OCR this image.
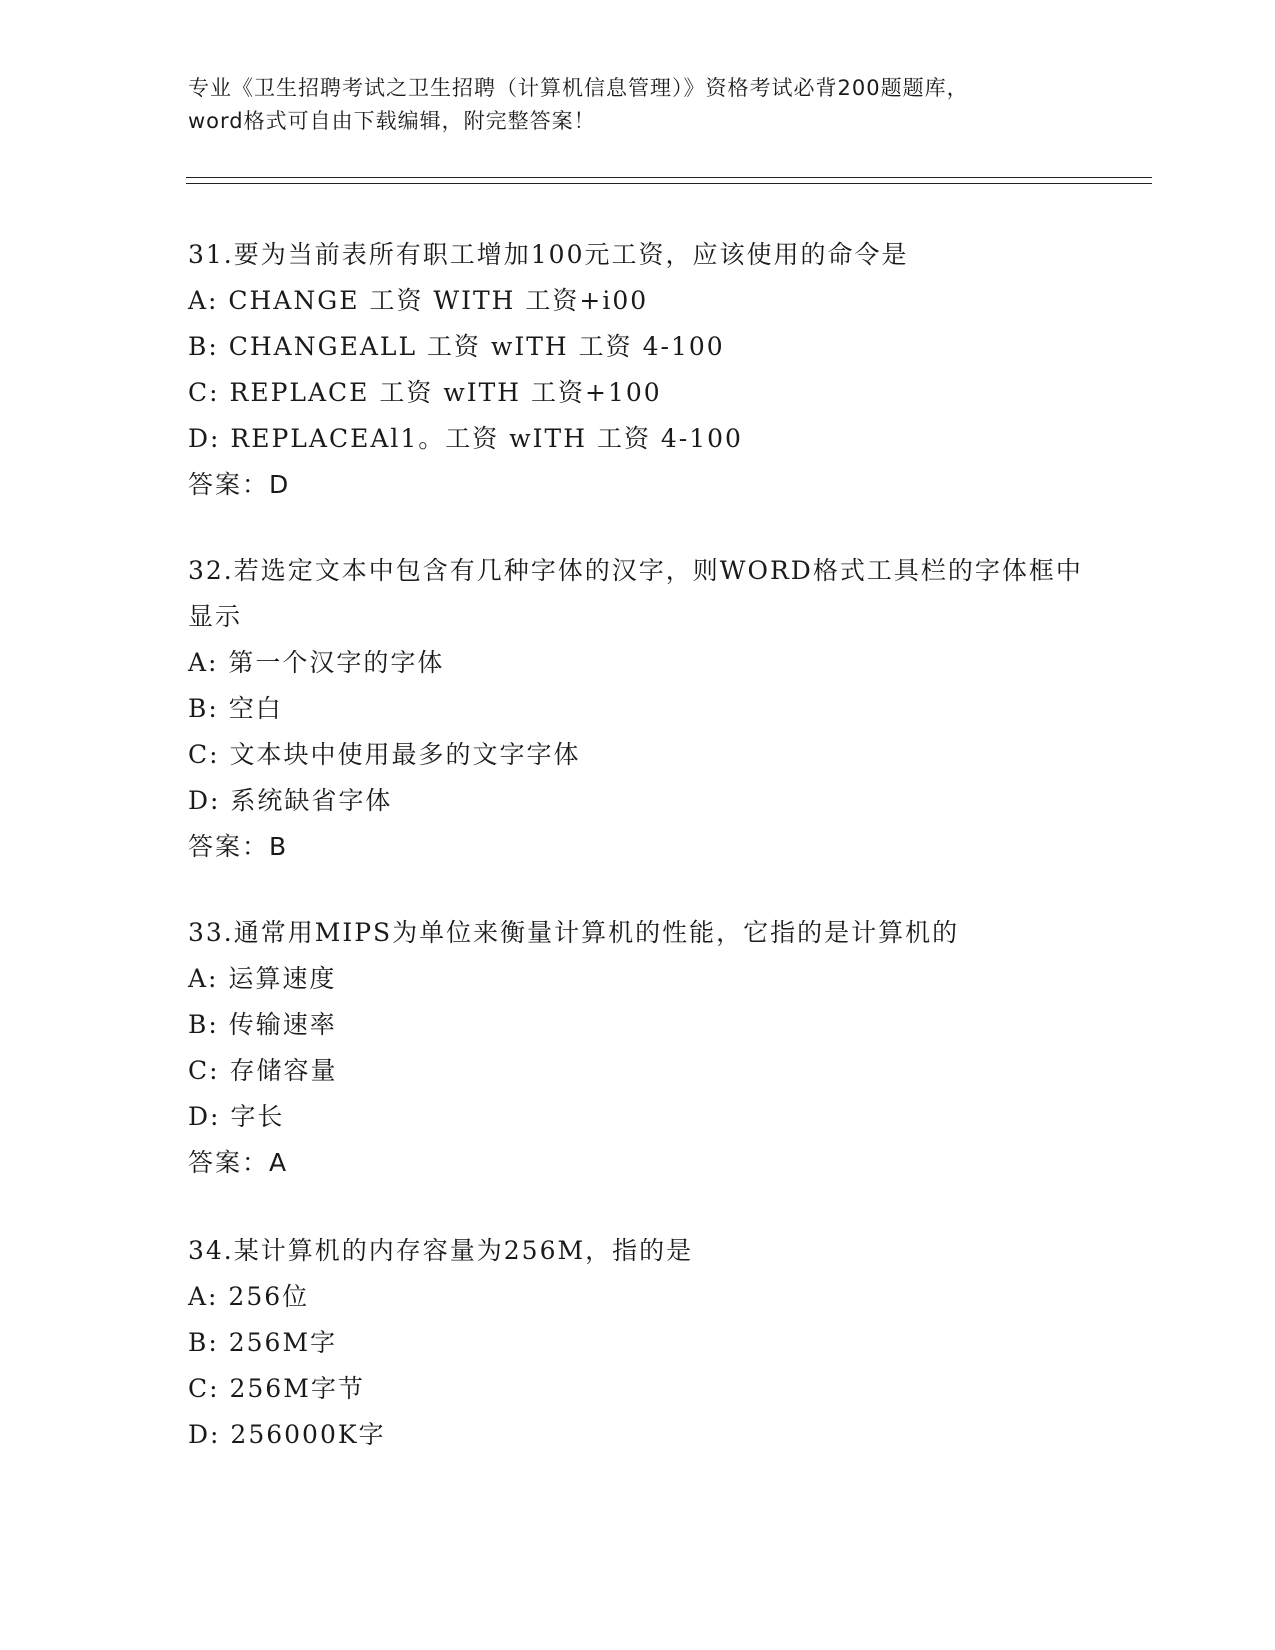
专业《卫生招聘考试之卫生招聘（计算机信息管理）》资格考试必背200题题库，
word格式可自由下载编辑，附完整答案！
31.要为当前表所有职工增加100元工资，应该使用的命令是
A: CHANGE 工资 WITH 工资+i00
B: CHANGEALL 工资 wITH 工资 4-100
C: REPLACE 工资 wITH 工资+100
D: REPLACEAl1。工资 wITH 工资 4-100
答案：D
32.若选定文本中包含有几种字体的汉字，则WORD格式工具栏的字体框中显示
A: 第一个汉字的字体
B: 空白
C: 文本块中使用最多的文字字体
D: 系统缺省字体
答案：B
33.通常用MIPS为单位来衡量计算机的性能，它指的是计算机的
A: 运算速度
B: 传输速率
C: 存储容量
D: 字长
答案：A
34.某计算机的内存容量为256M，指的是
A: 256位
B: 256M字
C: 256M字节
D: 256000K字
